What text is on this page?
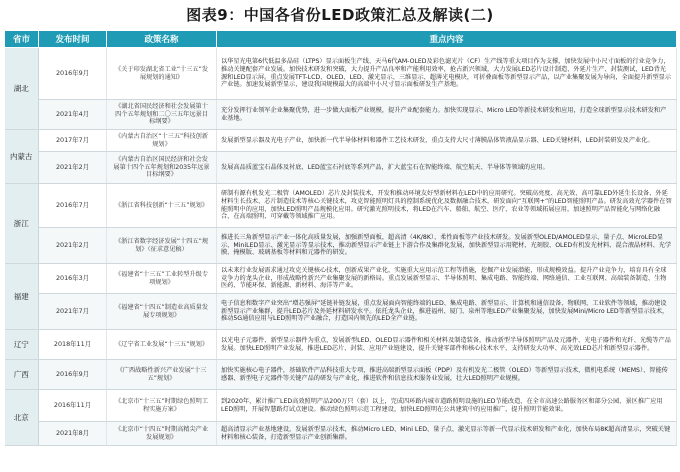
图表9：中国各省份LED政策汇总及解读(二)
省市	发布时间	政策名称	重点内容
湖北	2016年9月	《关于印发湖北省工业“十三五”发展规划的通知》	以华星光电第6代低温多晶硅（LTPS）显示面板生产线、天马6代AM-OLED及彩色滤光片（CF）生产线等重大项目作为支撑，加快发展中小尺寸面板的行业竞争力，推动关键配套产业发展。加快技术研发和突破，大力提升产品良率和产能利用效率，抢占新兴领域，大力发展LED芯片设计制造、外延片生产、封装测试，LED背光源和LED显示屏。重点发展TFT-LCD、OLED、LED、激光显示、三维显示、超薄光电模块，可折叠面板等新型显示产品，以产业集聚发展为导向，全面提升新型显示产业链。加速发展新型显示，建设我国规模最大的高端中小尺寸显示面板研发生产基地。
	2021年4月	《湖北省国民经济和社会发展第十四个五年规划和二〇三五年远景目标纲要》	充分发挥行业领军企业集聚优势，进一步做大面板产业规模，提升产业配套能力。加快实现显示、Micro LED等新技术研发和应用，打造全球新型显示技术研发和产业基地。
内蒙古	2017年7月	《内蒙古自治区“十三五”科技创新规划》	发展新型显示器及光电子产业，加快新一代半导体材料和器件工艺技术研发，重点支持大尺寸薄膜晶体管液晶显示器、LED关键材料，LED封装研发及产业化。
	2021年2月	《内蒙古自治区国民经济和社会发展第十四个五年规划和2035年远景目标纲要》	发展高品质蓝宝石晶体及衬底、LED蓝宝石衬底等系列产品，扩大蓝宝石在智能终端、航空航天、半导体等领域的应用。
浙江	2016年7月	《浙江省科技创新“十三五”规划》	研制有源有机发光二极管（AMOLED）芯片及封装技术，开发和推动环境友好型新材料在LED中的应用研究。突破高亮度、高光效、高可靠LED外延生长设备、外延材料生长技术、芯片制造技术等核心关键技术，攻克智能照明灯具的控制系统优化及数据融合技术，研发面向“互联网+”的LED智能照明产品。研发高效光学器件在智能照明中的应用，加快LED照明产品规模化应用。研究激光照明技术，将LED在汽车、船舶、航空、医疗、农业等领域拓展应用，加速照明产品智能化与网络化融合，在高端照明、可穿戴等领域推广应用。
	2021年2月	《浙江省数字经济发展“十四五”规划》（征求意见稿）	推进长三角新型显示产业一体化高质量发展，加强新型面板，超高清（4K/8K）、柔性面板等产业技术研发。发展新型OLED/AMOLED显示、量子点、MicroLED显示、MiniLED显示、激光显示等显示技术，推动新型显示产业链上下游合作及集群化发展，加快新型显示用靶材、光刻胶、OLED有机发光材料、混合液晶材料、光学膜、掩模版、玻璃基板等材料和元器件的研发。
福建	2016年3月	《福建省“十三五”工业转型升级专项规划》	以未来行业发展需求通过攻克关键核心技术，创新成果产业化，实施重大应用示范工程等措施，挖掘产业发展潜能，形成规模效益。提升产业竞争力，培育具有全球竞争力的龙头企业，形成战略性新兴产业集聚发展的新格局。重点发展新型显示、半导体照明、集成电路、智能终端、网络通信、工业互联网、高端装备制造、生物医药、节能环保、新能源、新材料、海洋等产业。
	2021年7月	《福建省“十四五”制造业高质量发展专项规划》	电子信息和数字产业突出“增芯强屏”延链补链发展，重点发展面向智能终端的LED、集成电路、新型显示、计算机和通信设备、物联网、工业软件等领域，推动建设新型显示产业集群，提升LED芯片及外延材料研发水平。依托龙头企业，推进福州、厦门、泉州等地LED产业集聚发展，加快发展Mini/Micro LED等新型显示技术，推动5G通信应用与LED照明等产业融合，打造国内领先的LED全产业链。
辽宁	2018年11月	《辽宁省工业发展“十三五”规划》	以光电子元器件、新型显示器件为重点，发展新型LED、OLED显示器件和相关材料及制造装备，推动新型半导体照明产品及元器件、光电子器件和光纤、光缆等产品发展。加快LED照明产业发展，推进LED芯片、封装、应用产业链建设，提升关键零部件和核心技术水平，支持研发大功率、高光效LED芯片和新型显示器件。
广西	2016年9月	《广西战略性新兴产业发展“十三五”规划》	加快实施核心电子器件，基础软件产品科技重大专项，推进高端新型显示面板（PDP）及有机发光二极管（OLED）等新型显示技术，微机电系统（MEMS）、智能传感器、新型电子元器件等关键产品的研发与产业化，推进软件和信息技术服务业发展，壮大LED照明产业规模。
北京	2016年11月	《北京市“十三五”时期绿色照明工程实施方案》	到2020年，累计推广LED高效照明产品200万只（套）以上，完成四环路内城市道路照明设施的LED节能改造，在全市高速公路服务区和部分公园、景区推广应用LED照明，开展智慧路灯试点建设。推动绿色照明示范工程建设，加快LED照明在公共建筑中的应用推广，提升照明节能效果。
	2021年8月	《北京市“十四五”时期高精尖产业发展规划》	超高清显示产业基地建设，发展新型显示技术，推动Micro LED、Mini LED、量子点、激光显示等新一代显示技术研发和产业化，加快布局8K超高清显示，突破关键材料和核心装备，打造新型显示产业创新集群。
